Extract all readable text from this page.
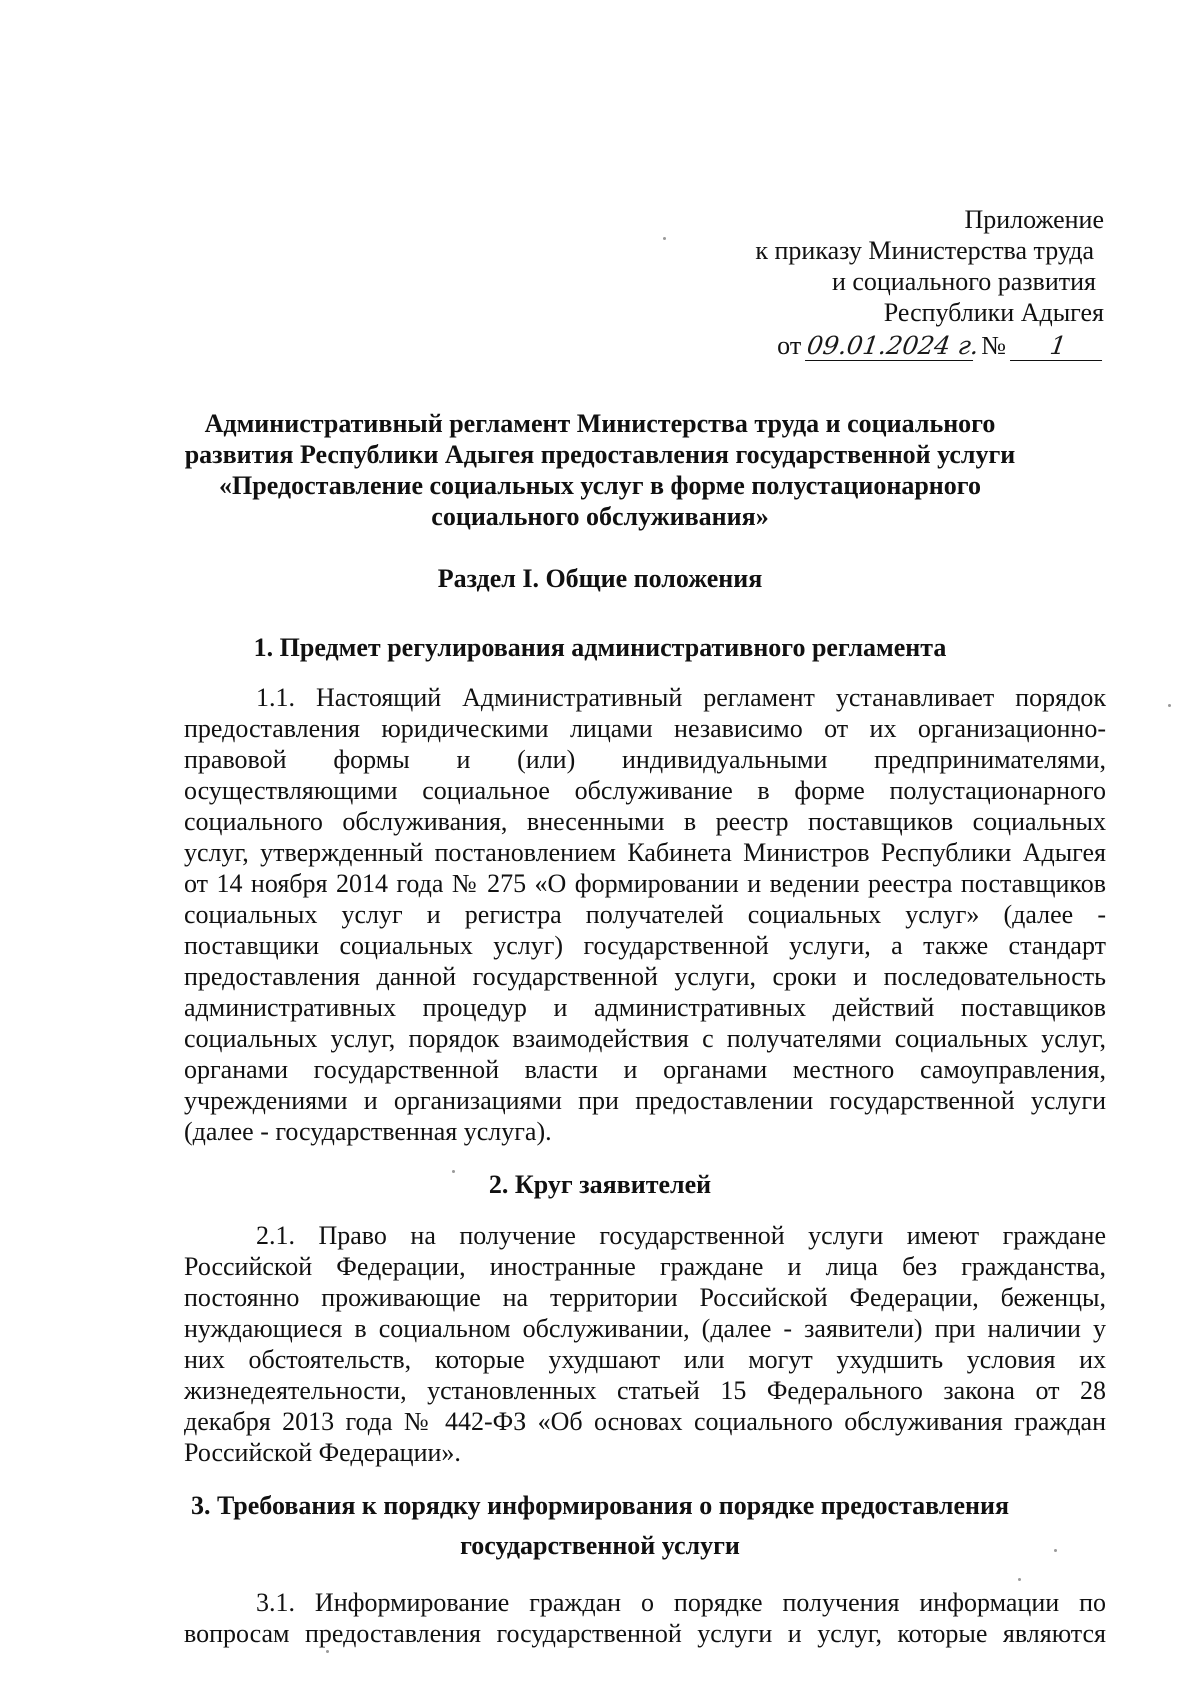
Приложение
к приказу Министерства труда
и социального развития
Республики Адыгея
от 09.01.2024 г. №	1
Административный регламент Министерства труда и социального
развития Республики Адыгея предоставления государственной услуги
«Предоставление социальных услуг в форме полустационарного
социального обслуживания»
Раздел I. Общие положения
1. Предмет регулирования административного регламента
1.1. Настоящий Административный регламент устанавливает порядок
предоставления юридическими лицами независимо от их организационно-
правовой формы и (или) индивидуальными предпринимателями,
осуществляющими социальное обслуживание в форме полустационарного
социального обслуживания, внесенными в реестр поставщиков социальных
услуг, утвержденный постановлением Кабинета Министров Республики Адыгея
от 14 ноября 2014 года № 275 «О формировании и ведении реестра поставщиков
социальных услуг и регистра получателей социальных услуг» (далее -
поставщики социальных услуг) государственной услуги, а также стандарт
предоставления данной государственной услуги, сроки и последовательность
административных процедур и административных действий поставщиков
социальных услуг, порядок взаимодействия с получателями социальных услуг,
органами государственной власти и органами местного самоуправления,
учреждениями и организациями при предоставлении государственной услуги
(далее - государственная услуга).
2. Круг заявителей
2.1. Право на получение государственной услуги имеют граждане
Российской Федерации, иностранные граждане и лица без гражданства,
постоянно проживающие на территории Российской Федерации, беженцы,
нуждающиеся в социальном обслуживании, (далее - заявители) при наличии у
них обстоятельств, которые ухудшают или могут ухудшить условия их
жизнедеятельности, установленных статьей 15 Федерального закона от 28
декабря 2013 года № 442-ФЗ «Об основах социального обслуживания граждан
Российской Федерации».
3. Требования к порядку информирования о порядке предоставления
государственной услуги
3.1. Информирование граждан о порядке получения информации по
вопросам предоставления государственной услуги и услуг, которые являются
